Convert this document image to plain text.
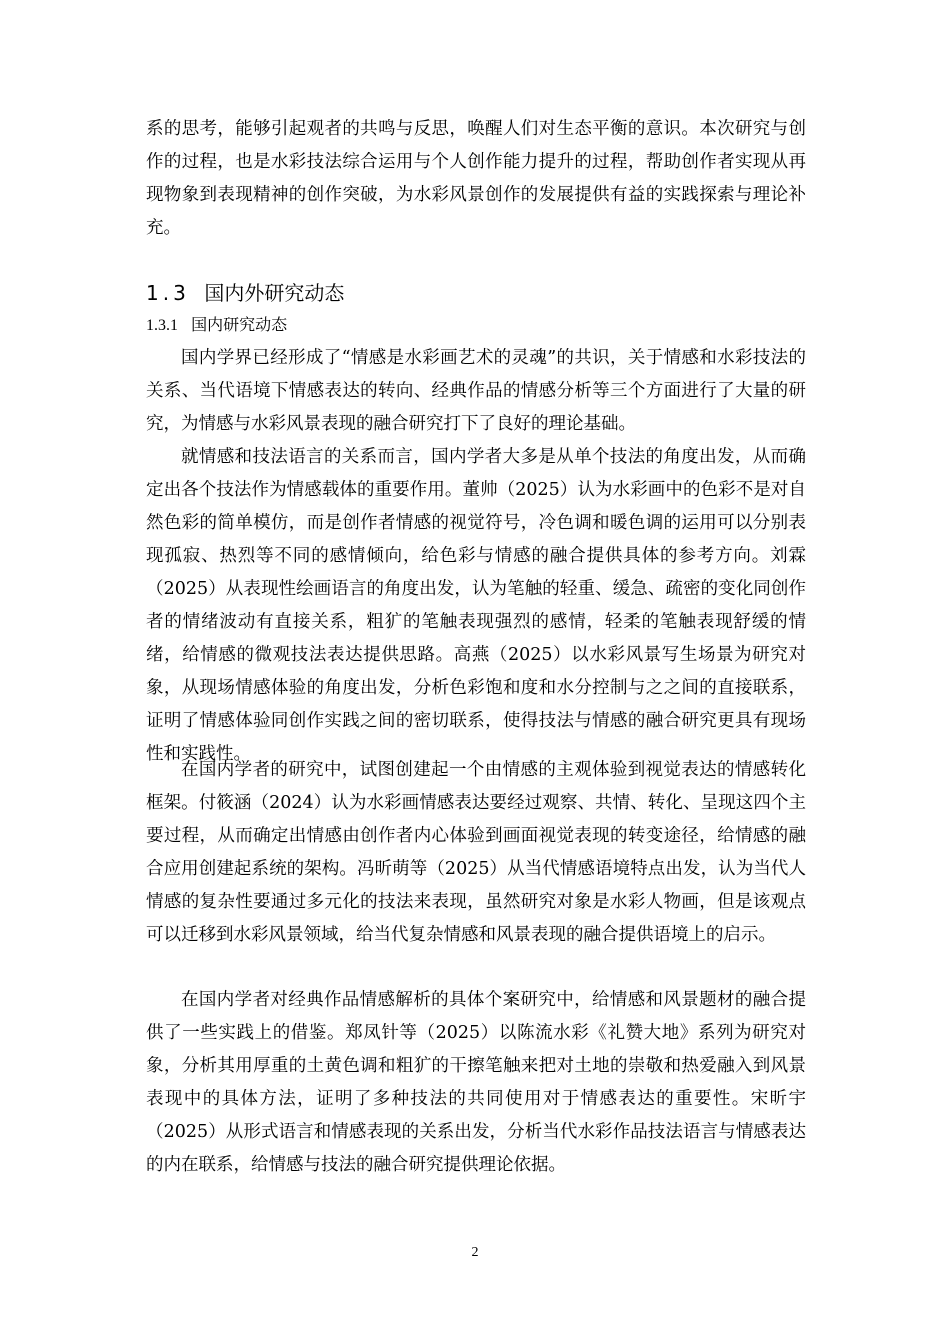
系的思考，能够引起观者的共鸣与反思，唤醒人们对生态平衡的意识。本次研究与创作的过程，也是水彩技法综合运用与个人创作能力提升的过程，帮助创作者实现从再现物象到表现精神的创作突破，为水彩风景创作的发展提供有益的实践探索与理论补充。

1.3 国内外研究动态
1.3.1 国内研究动态

国内学界已经形成了“情感是水彩画艺术的灵魂”的共识，关于情感和水彩技法的关系、当代语境下情感表达的转向、经典作品的情感分析等三个方面进行了大量的研究，为情感与水彩风景表现的融合研究打下了良好的理论基础。

就情感和技法语言的关系而言，国内学者大多是从单个技法的角度出发，从而确定出各个技法作为情感载体的重要作用。董帅（2025）认为水彩画中的色彩不是对自然色彩的简单模仿，而是创作者情感的视觉符号，冷色调和暖色调的运用可以分别表现孤寂、热烈等不同的感情倾向，给色彩与情感的融合提供具体的参考方向。刘霖（2025）从表现性绘画语言的角度出发，认为笔触的轻重、缓急、疏密的变化同创作者的情绪波动有直接关系，粗犷的笔触表现强烈的感情，轻柔的笔触表现舒缓的情绪，给情感的微观技法表达提供思路。高燕（2025）以水彩风景写生场景为研究对象，从现场情感体验的角度出发，分析色彩饱和度和水分控制与之之间的直接联系，证明了情感体验同创作实践之间的密切联系，使得技法与情感的融合研究更具有现场性和实践性。

在国内学者的研究中，试图创建起一个由情感的主观体验到视觉表达的情感转化框架。付筱涵（2024）认为水彩画情感表达要经过观察、共情、转化、呈现这四个主要过程，从而确定出情感由创作者内心体验到画面视觉表现的转变途径，给情感的融合应用创建起系统的架构。冯昕萌等（2025）从当代情感语境特点出发，认为当代人情感的复杂性要通过多元化的技法来表现，虽然研究对象是水彩人物画，但是该观点可以迁移到水彩风景领域，给当代复杂情感和风景表现的融合提供语境上的启示。

在国内学者对经典作品情感解析的具体个案研究中，给情感和风景题材的融合提供了一些实践上的借鉴。郑凤针等（2025）以陈流水彩《礼赞大地》系列为研究对象，分析其用厚重的土黄色调和粗犷的干擦笔触来把对土地的崇敬和热爱融入到风景表现中的具体方法，证明了多种技法的共同使用对于情感表达的重要性。宋昕宇（2025）从形式语言和情感表现的关系出发，分析当代水彩作品技法语言与情感表达的内在联系，给情感与技法的融合研究提供理论依据。

2
